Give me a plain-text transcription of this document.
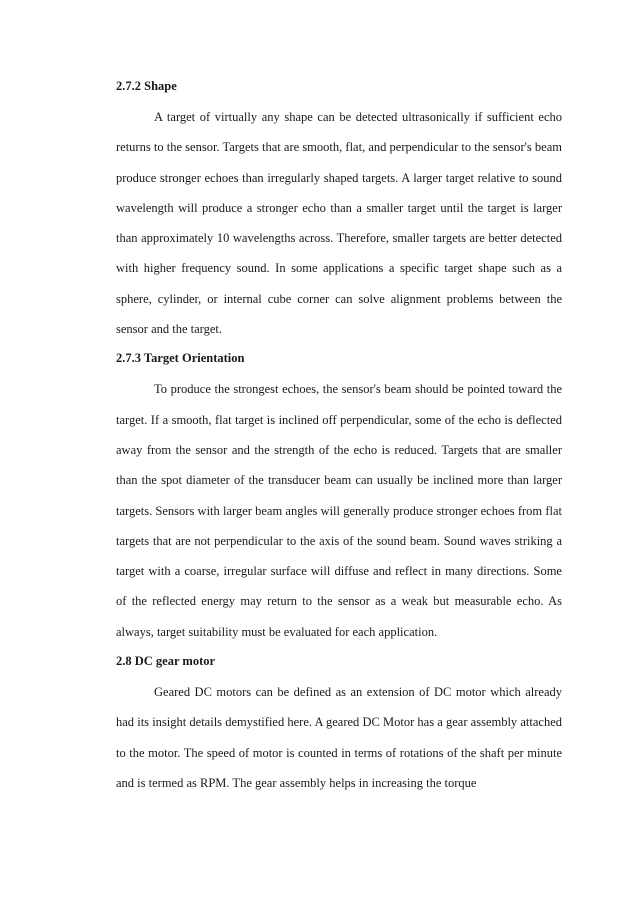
2.7.2 Shape

A target of virtually any shape can be detected ultrasonically if sufficient echo returns to the sensor. Targets that are smooth, flat, and perpendicular to the sensor's beam produce stronger echoes than irregularly shaped targets. A larger target relative to sound wavelength will produce a stronger echo than a smaller target until the target is larger than approximately 10 wavelengths across. Therefore, smaller targets are better detected with higher frequency sound. In some applications a specific target shape such as a sphere, cylinder, or internal cube corner can solve alignment problems between the sensor and the target.

2.7.3 Target Orientation

To produce the strongest echoes, the sensor's beam should be pointed toward the target. If a smooth, flat target is inclined off perpendicular, some of the echo is deflected away from the sensor and the strength of the echo is reduced. Targets that are smaller than the spot diameter of the transducer beam can usually be inclined more than larger targets. Sensors with larger beam angles will generally produce stronger echoes from flat targets that are not perpendicular to the axis of the sound beam. Sound waves striking a target with a coarse, irregular surface will diffuse and reflect in many directions. Some of the reflected energy may return to the sensor as a weak but measurable echo. As always, target suitability must be evaluated for each application.

2.8 DC gear motor

Geared DC motors can be defined as an extension of DC motor which already had its insight details demystified here. A geared DC Motor has a gear assembly attached to the motor. The speed of motor is counted in terms of rotations of the shaft per minute and is termed as RPM. The gear assembly helps in increasing the torque
